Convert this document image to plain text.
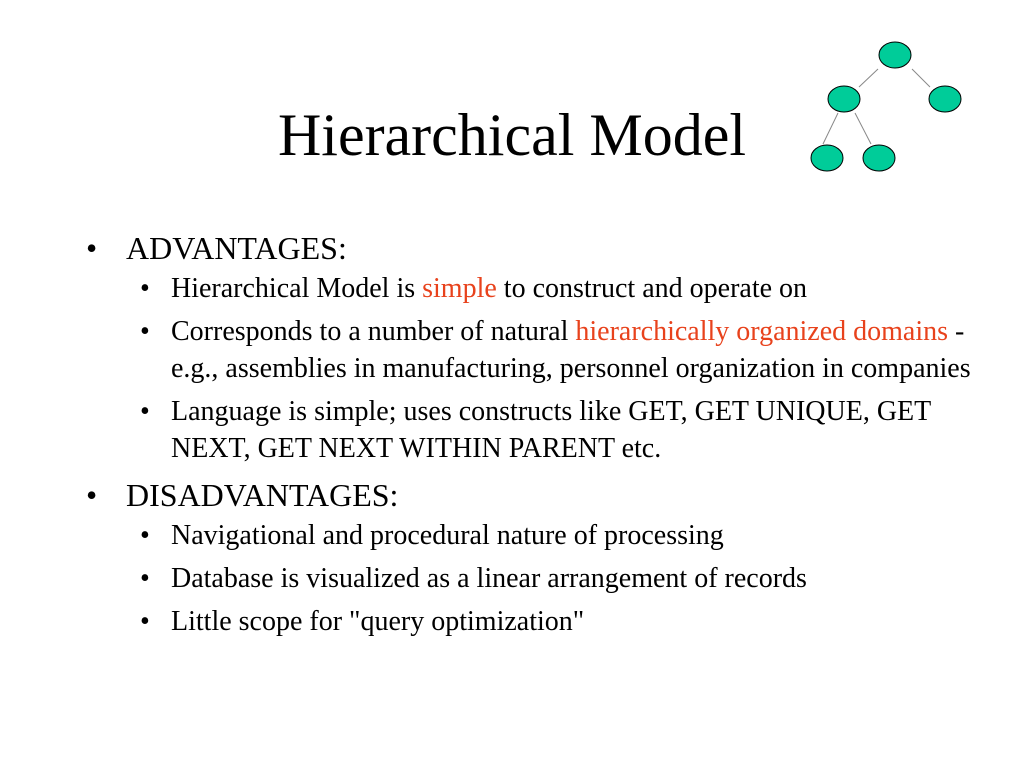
Hierarchical Model
• ADVANTAGES:

• Hierarchical Model is simple to construct and operate on

• Corresponds to a number of natural hierarchically organized domains - e.g., assemblies in manufacturing, personnel organization in companies

• Language is simple; uses constructs like GET, GET UNIQUE, GET NEXT, GET NEXT WITHIN PARENT etc.

• DISADVANTAGES:

• Navigational and procedural nature of processing

• Database is visualized as a linear arrangement of records

• Little scope for "query optimization"
